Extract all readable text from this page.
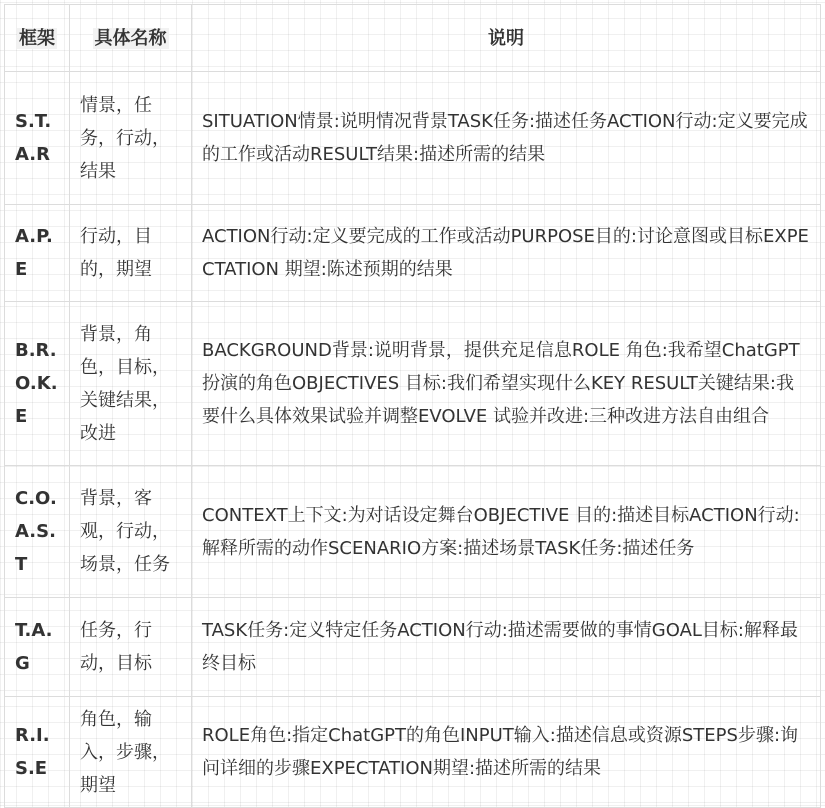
框架	具体名称	说明
S.T.A.R	情景，任务，行动，结果	SITUATION情景:说明情况背景TASK任务:描述任务ACTION行动:定义要完成的工作或活动RESULT结果:描述所需的结果
A.P.E	行动，目的，期望	ACTION行动:定义要完成的工作或活动PURPOSE目的:讨论意图或目标EXPECTATION 期望:陈述预期的结果
B.R.O.K.E	背景，角色，目标，关键结果，改进	BACKGROUND背景:说明背景，提供充足信息ROLE 角色:我希望ChatGPT扮演的角色OBJECTIVES 目标:我们希望实现什么KEY RESULT关键结果:我要什么具体效果试验并调整EVOLVE 试验并改进:三种改进方法自由组合
C.O.A.S.T	背景，客观，行动，场景，任务	CONTEXT上下文:为对话设定舞台OBJECTIVE 目的:描述目标ACTION行动:解释所需的动作SCENARIO方案:描述场景TASK任务:描述任务
T.A.G	任务，行动，目标	TASK任务:定义特定任务ACTION行动:描述需要做的事情GOAL目标:解释最终目标
R.I.S.E	角色，输入，步骤，期望	ROLE角色:指定ChatGPT的角色INPUT输入:描述信息或资源STEPS步骤:询问详细的步骤EXPECTATION期望:描述所需的结果
